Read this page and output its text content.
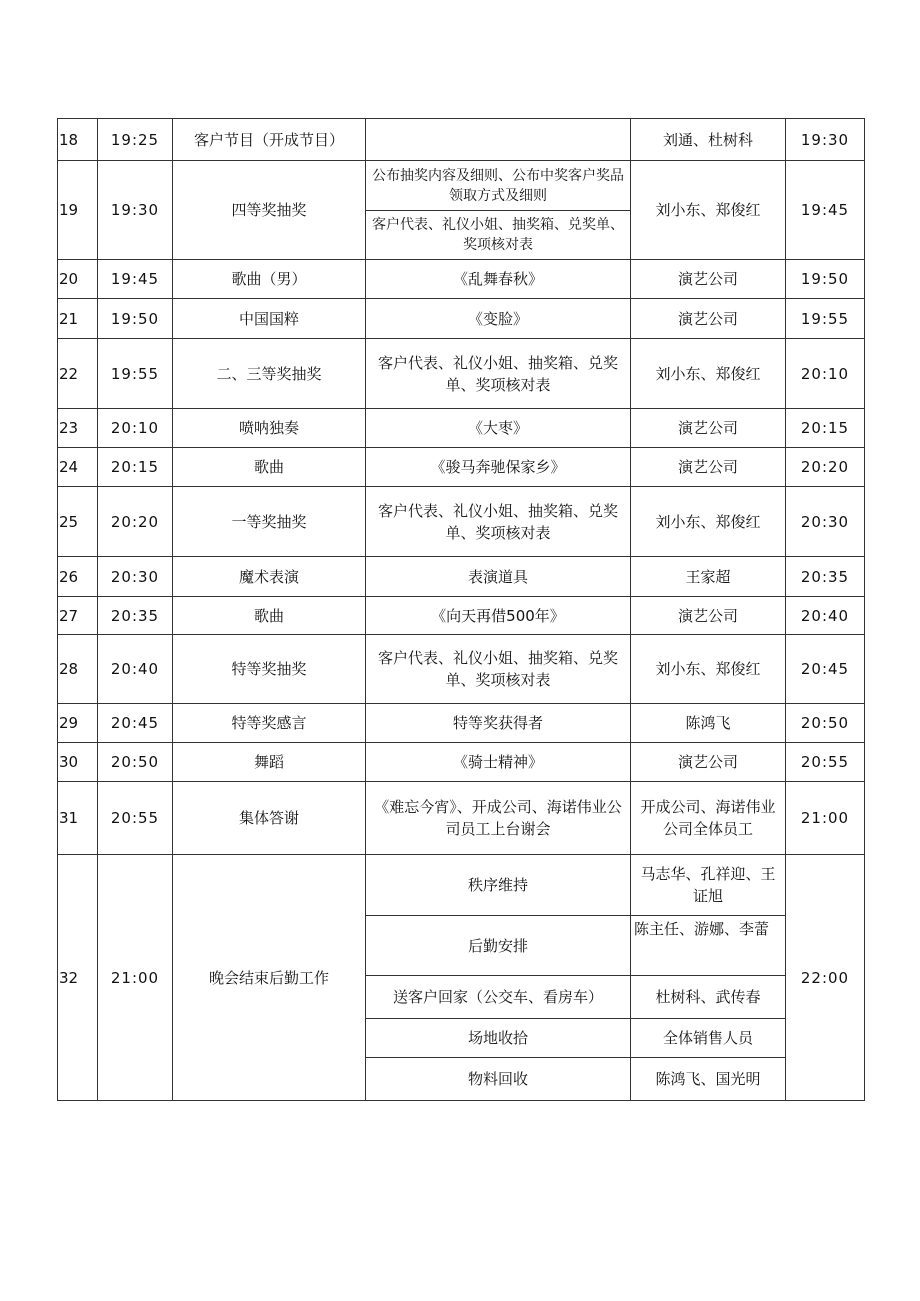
18	19:25	客户节目（开成节目）		刘通、杜树科	19:30
19	19:30	四等奖抽奖	公布抽奖内容及细则、公布中奖客户奖品领取方式及细则	刘小东、郑俊红	19:45
			客户代表、礼仪小姐、抽奖箱、兑奖单、奖项核对表		
20	19:45	歌曲（男）	《乱舞春秋》	演艺公司	19:50
21	19:50	中国国粹	《变脸》	演艺公司	19:55
22	19:55	二、三等奖抽奖	客户代表、礼仪小姐、抽奖箱、兑奖单、奖项核对表	刘小东、郑俊红	20:10
23	20:10	喷呐独奏	《大枣》	演艺公司	20:15
24	20:15	歌曲	《骏马奔驰保家乡》	演艺公司	20:20
25	20:20	一等奖抽奖	客户代表、礼仪小姐、抽奖箱、兑奖单、奖项核对表	刘小东、郑俊红	20:30
26	20:30	魔术表演	表演道具	王家超	20:35
27	20:35	歌曲	《向天再借500年》	演艺公司	20:40
28	20:40	特等奖抽奖	客户代表、礼仪小姐、抽奖箱、兑奖单、奖项核对表	刘小东、郑俊红	20:45
29	20:45	特等奖感言	特等奖获得者	陈鸿飞	20:50
30	20:50	舞蹈	《骑士精神》	演艺公司	20:55
31	20:55	集体答谢	《难忘今宵》、开成公司、海诺伟业公司员工上台谢会	开成公司、海诺伟业公司全体员工	21:00
32	21:00	晚会结束后勤工作	秩序维持	马志华、孔祥迎、王证旭	22:00
			后勤安排	陈主任、游娜、李蕾	
			送客户回家（公交车、看房车）	杜树科、武传春	
			场地收拾	全体销售人员	
			物料回收	陈鸿飞、国光明	
